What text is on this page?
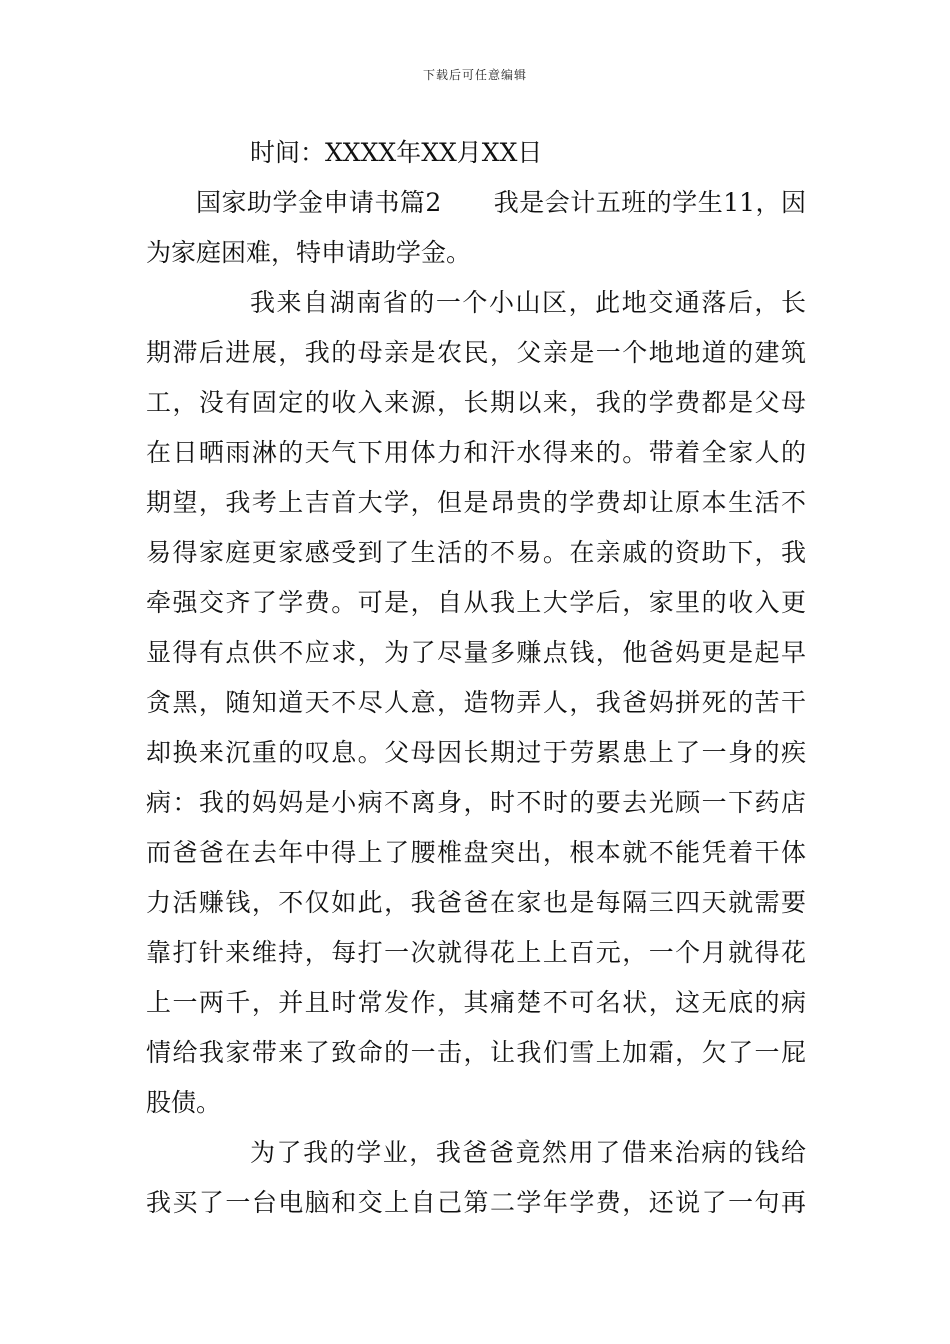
下载后可任意编辑
时间：XXXX年XX月XX日
国家助学金申请书篇2 我是会计五班的学生11，因
为家庭困难，特申请助学金。
我来自湖南省的一个小山区，此地交通落后，长
期滞后进展，我的母亲是农民，父亲是一个地地道的建筑
工，没有固定的收入来源，长期以来，我的学费都是父母
在日晒雨淋的天气下用体力和汗水得来的。带着全家人的
期望，我考上吉首大学，但是昂贵的学费却让原本生活不
易得家庭更家感受到了生活的不易。在亲戚的资助下，我
牵强交齐了学费。可是，自从我上大学后，家里的收入更
显得有点供不应求，为了尽量多赚点钱，他爸妈更是起早
贪黑，随知道天不尽人意，造物弄人，我爸妈拼死的苦干
却换来沉重的叹息。父母因长期过于劳累患上了一身的疾
病：我的妈妈是小病不离身，时不时的要去光顾一下药店
而爸爸在去年中得上了腰椎盘突出，根本就不能凭着干体
力活赚钱，不仅如此，我爸爸在家也是每隔三四天就需要
靠打针来维持，每打一次就得花上上百元，一个月就得花
上一两千，并且时常发作，其痛楚不可名状，这无底的病
情给我家带来了致命的一击，让我们雪上加霜，欠了一屁
股债。
为了我的学业，我爸爸竟然用了借来治病的钱给
我买了一台电脑和交上自己第二学年学费，还说了一句再
